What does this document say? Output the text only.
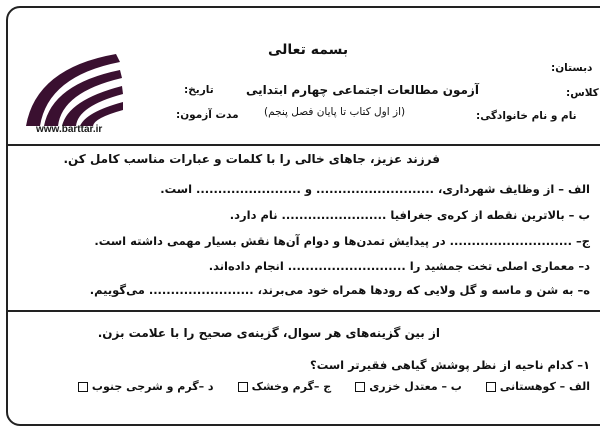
www.barttar.ir
بسمه تعالی
آزمون مطالعات اجتماعی چهارم ابتدایی
(از اول کتاب تا پایان فصل پنجم)
تاریخ:
مدت آزمون:
دبستان:
کلاس:
نام و نام خانوادگی:
فرزند عزیز، جاهای خالی را با کلمات و عبارات مناسب کامل کن.
الف – از وظایف شهرداری، ........................... و ........................ است.
ب – بالاترین نقطه از کره‌ی جغرافیا ........................ نام دارد.
ج– ............................ در پیدایش تمدن‌ها و دوام آن‌ها نقش بسیار مهمی داشته است.
د– معماری اصلی تخت جمشید را ........................... انجام داده‌اند.
ه– به شن و ماسه و گل ولایی که رودها همراه خود می‌برند، ........................ می‌گوییم.
از بین گزینه‌های هر سوال، گزینه‌ی صحیح را با علامت بزن.
۱– کدام ناحیه از نظر پوشش گیاهی فقیرتر است؟
الف – کوهستانی
ب – معتدل خزری
ج –گرم وخشک
د –گرم و شرجی جنوب
